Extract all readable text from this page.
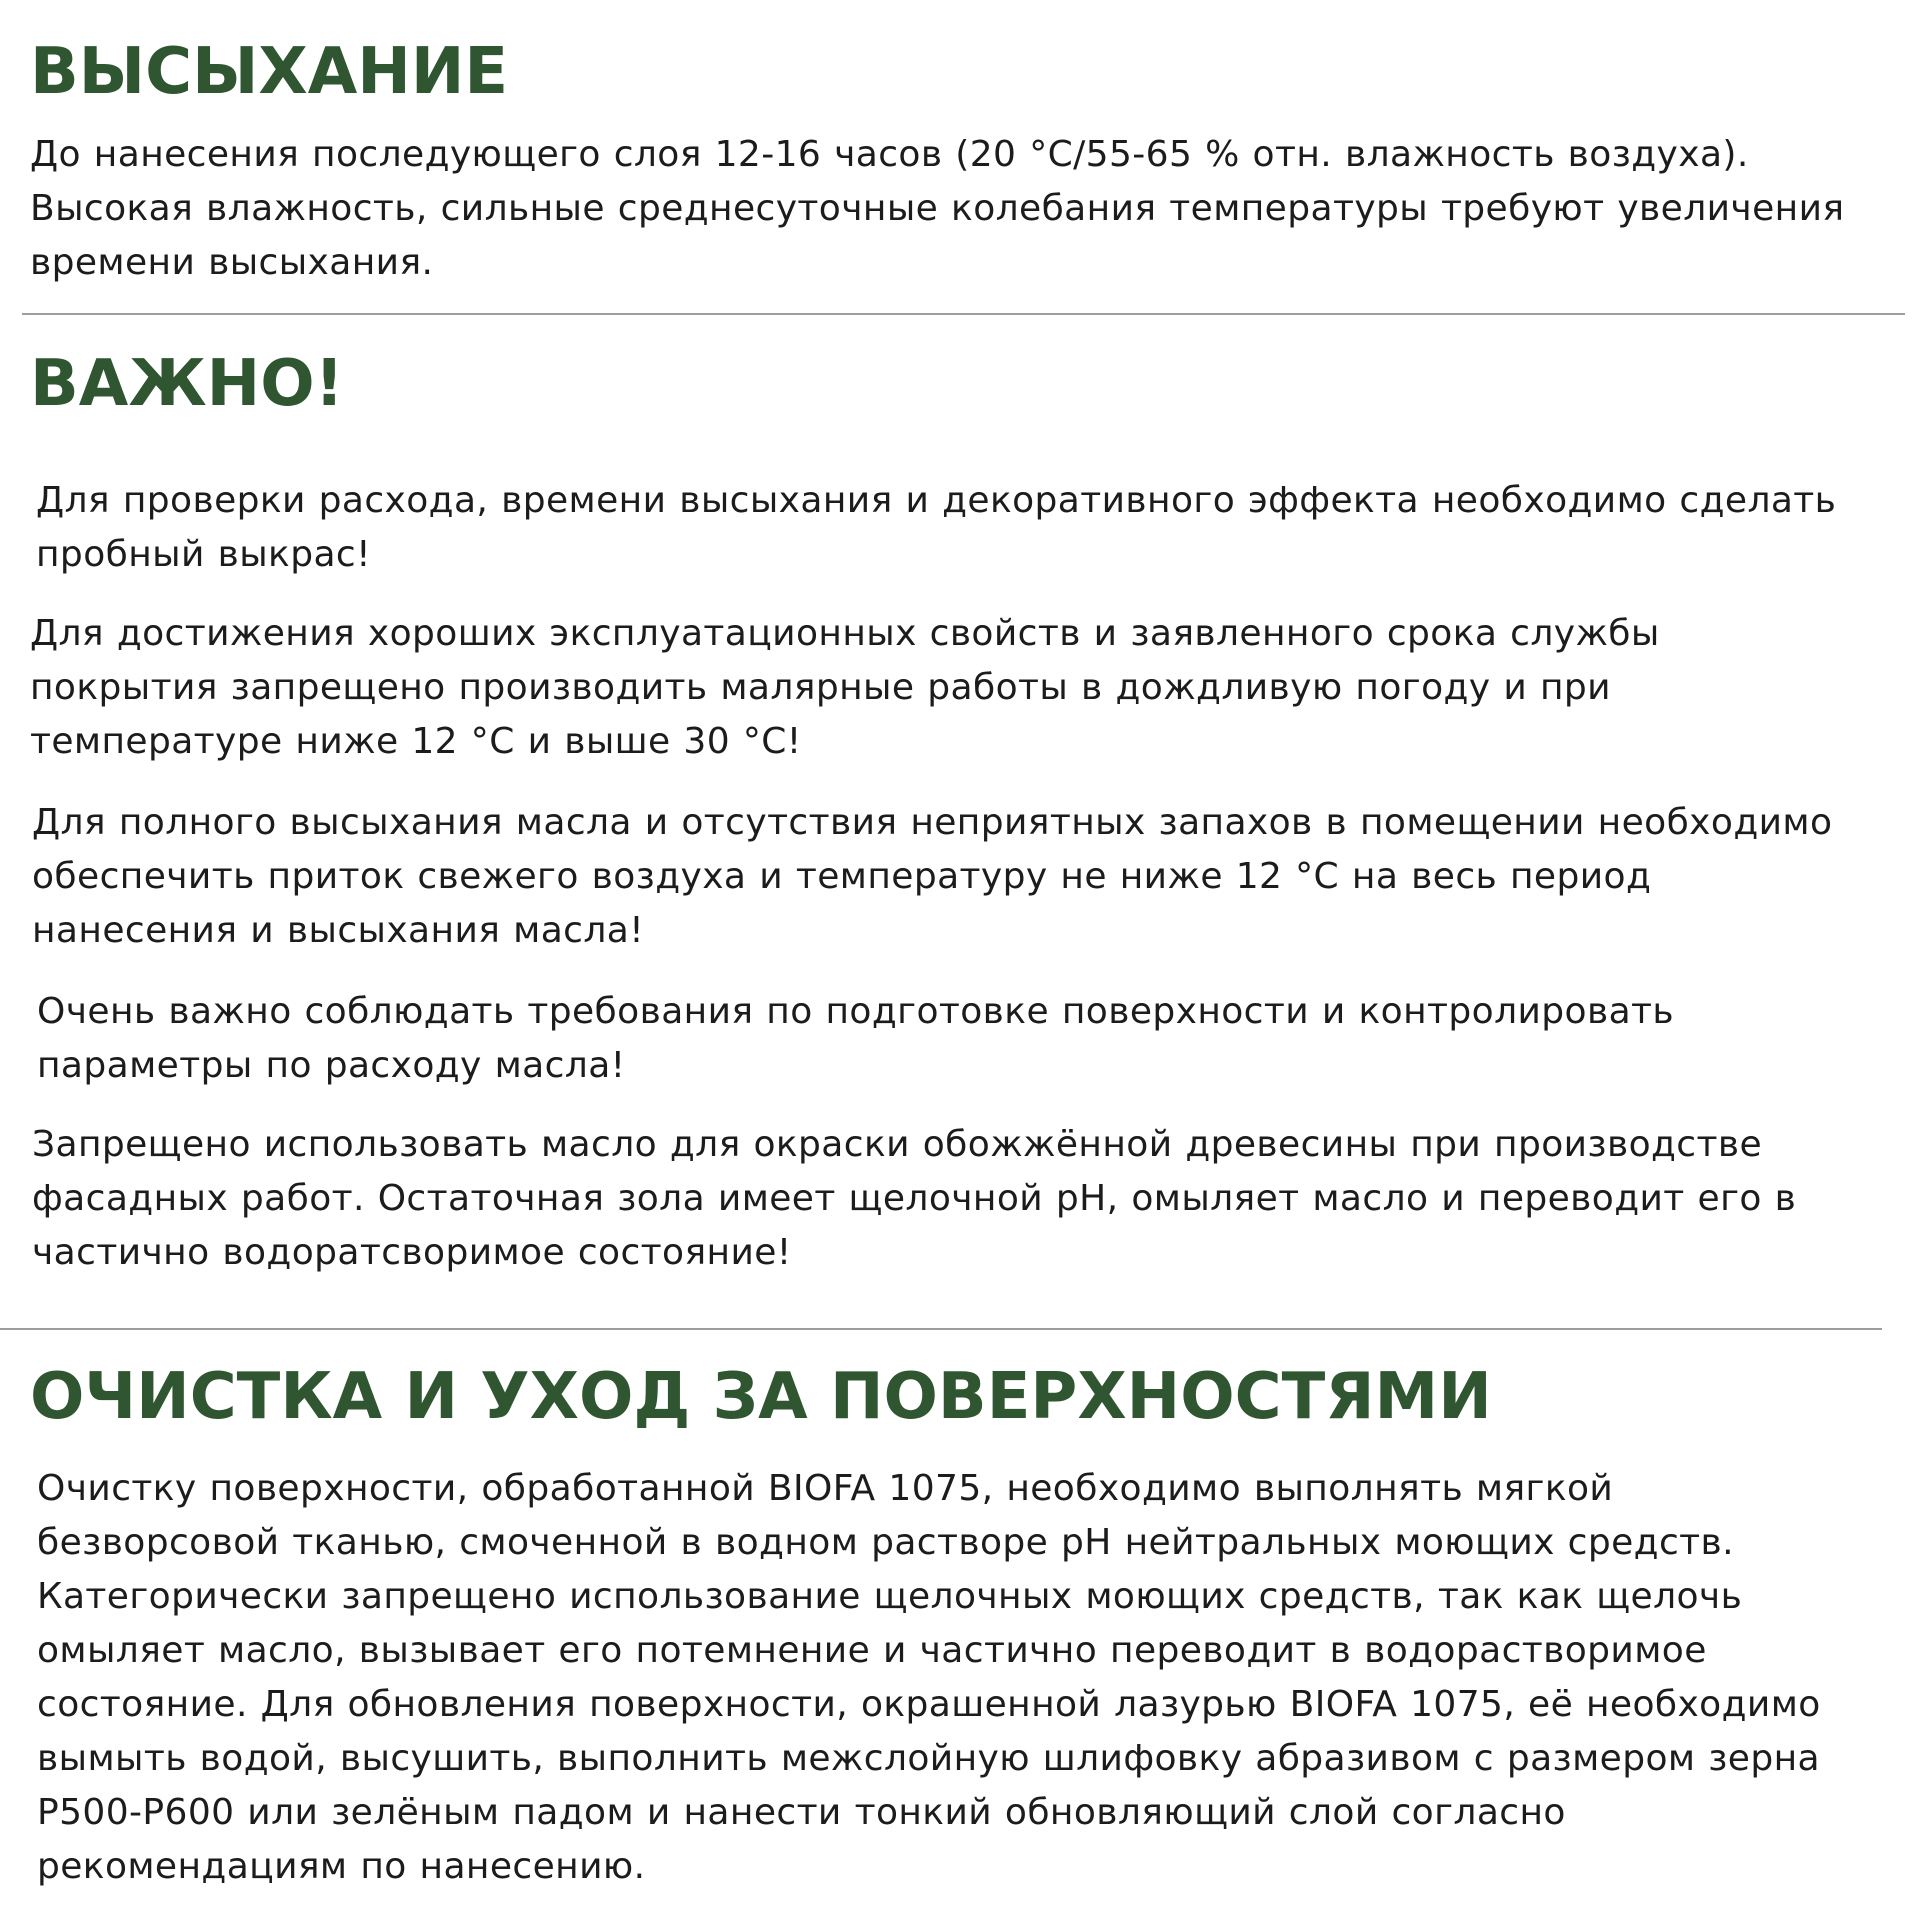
ВЫСЫХАНИЕ

До нанесения последующего слоя 12-16 часов (20 °С/55-65 % отн. влажность воздуха).
Высокая влажность, сильные среднесуточные колебания температуры требуют увеличения
времени высыхания.

ВАЖНО!

Для проверки расхода, времени высыхания и декоративного эффекта необходимо сделать
пробный выкрас!

Для достижения хороших эксплуатационных свойств и заявленного срока службы
покрытия запрещено производить малярные работы в дождливую погоду и при
температуре ниже 12 °С и выше 30 °С!

Для полного высыхания масла и отсутствия неприятных запахов в помещении необходимо
обеспечить приток свежего воздуха и температуру не ниже 12 °С на весь период
нанесения и высыхания масла!

Очень важно соблюдать требования по подготовке поверхности и контролировать
параметры по расходу масла!

Запрещено использовать масло для окраски обожжённой древесины при производстве
фасадных работ. Остаточная зола имеет щелочной pH, омыляет масло и переводит его в
частично водоратсворимое состояние!

ОЧИСТКА И УХОД ЗА ПОВЕРХНОСТЯМИ

Очистку поверхности, обработанной BIOFA 1075, необходимо выполнять мягкой
безворсовой тканью, смоченной в водном растворе pH нейтральных моющих средств.
Категорически запрещено использование щелочных моющих средств, так как щелочь
омыляет масло, вызывает его потемнение и частично переводит в водорастворимое
состояние. Для обновления поверхности, окрашенной лазурью BIOFA 1075, её необходимо
вымыть водой, высушить, выполнить межслойную шлифовку абразивом с размером зерна
P500-P600 или зелёным падом и нанести тонкий обновляющий слой согласно
рекомендациям по нанесению.
